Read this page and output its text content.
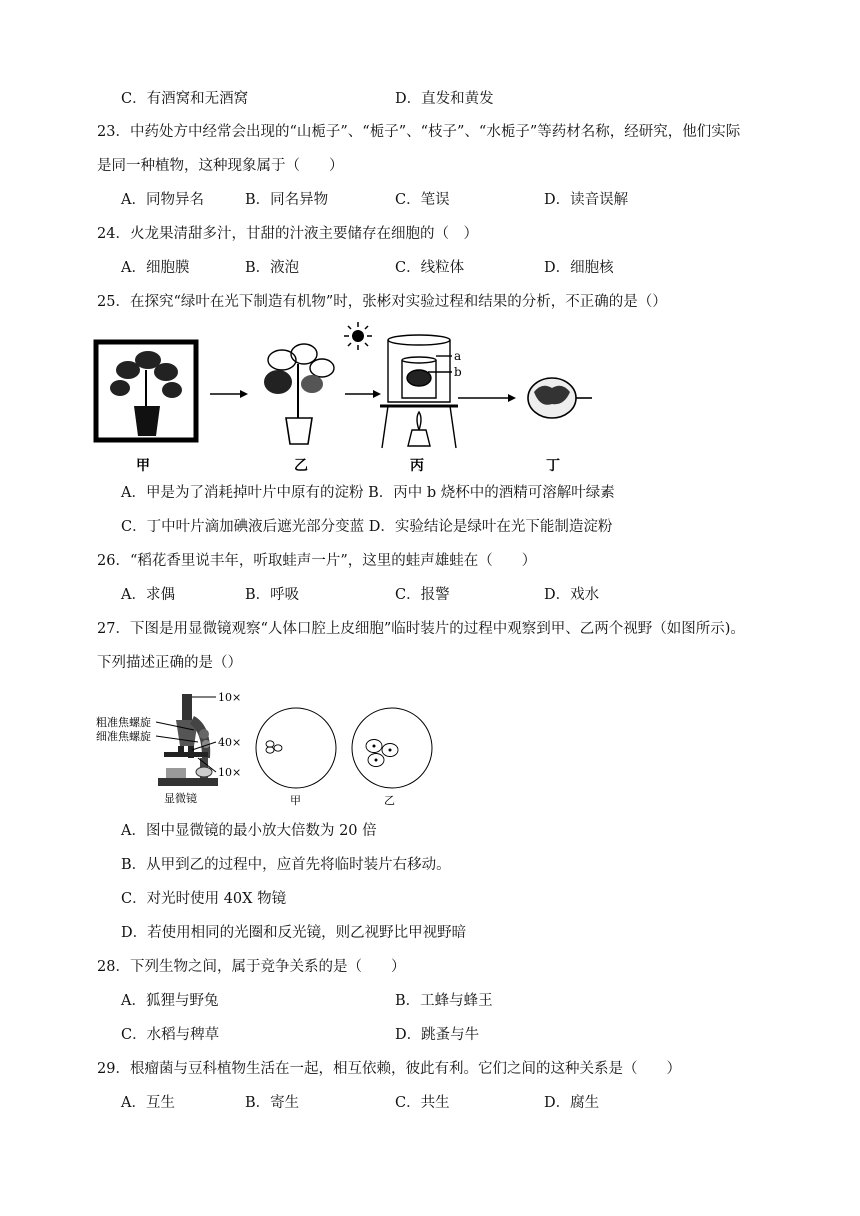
C．有酒窝和无酒窝	D．直发和黄发
23．中药处方中经常会出现的“山栀子”、“栀子”、“枝子”、“水栀子”等药材名称，经研究，他们实际
是同一种植物，这种现象属于（　　）
A．同物异名	B．同名异物	C．笔误	D．读音误解
24．火龙果清甜多汁，甘甜的汁液主要储存在细胞的（　）
A．细胞膜	B．液泡	C．线粒体	D．细胞核
25．在探究“绿叶在光下制造有机物”时，张彬对实验过程和结果的分析，不正确的是（）
甲	乙
a
b
丙	丁
A．甲是为了消耗掉叶片中原有的淀粉 B．丙中 b 烧杯中的酒精可溶解叶绿素
C．丁中叶片滴加碘液后遮光部分变蓝 D．实验结论是绿叶在光下能制造淀粉
26．“稻花香里说丰年，听取蛙声一片”，这里的蛙声雄蛙在（　　）
A．求偶	B．呼吸	C．报警	D．戏水
27．下图是用显微镜观察“人体口腔上皮细胞”临时装片的过程中观察到甲、乙两个视野（如图所示)。
下列描述正确的是（）
10×
粗准焦螺旋
细准焦螺旋	40×
10×
显微镜	甲	乙
A．图中显微镜的最小放大倍数为 20 倍
B．从甲到乙的过程中，应首先将临时装片右移动。
C．对光时使用 40X 物镜
D．若使用相同的光圈和反光镜，则乙视野比甲视野暗
28．下列生物之间，属于竞争关系的是（　　）
A．狐狸与野兔	B．工蜂与蜂王
C．水稻与稗草	D．跳蚤与牛
29．根瘤菌与豆科植物生活在一起，相互依赖，彼此有利。它们之间的这种关系是（　　）
A．互生	B．寄生	C．共生	D．腐生
